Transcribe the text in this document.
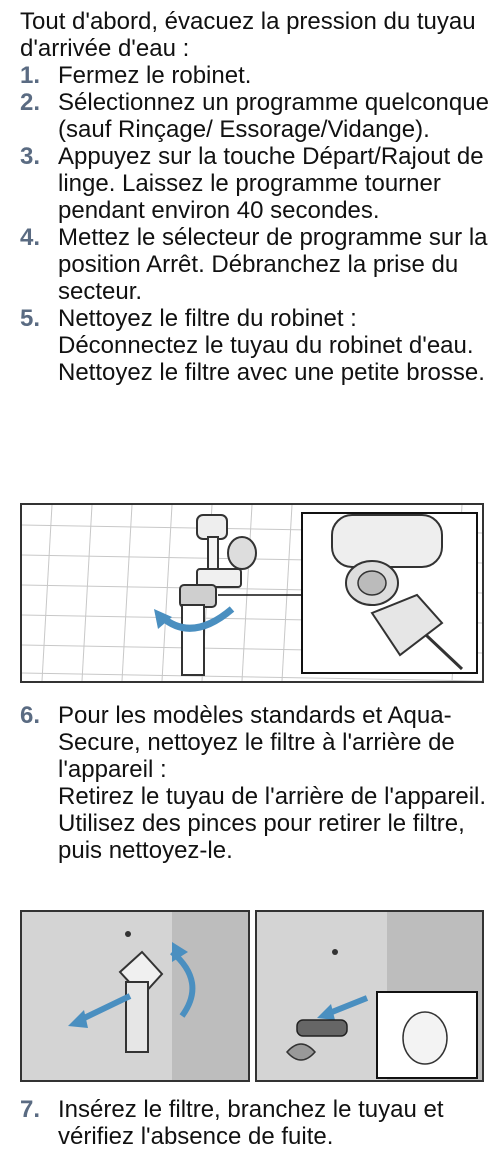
Tout d'abord, évacuez la pression du tuyau d'arrivée d'eau :
1. Fermez le robinet.
2. Sélectionnez un programme quelconque (sauf Rinçage/ Essorage/Vidange).
3. Appuyez sur la touche Départ/Rajout de linge. Laissez le programme tourner pendant environ 40 secondes.
4. Mettez le sélecteur de programme sur la position Arrêt. Débranchez la prise du secteur.
5. Nettoyez le filtre du robinet :
Déconnectez le tuyau du robinet d'eau.
Nettoyez le filtre avec une petite brosse.
6. Pour les modèles standards et Aqua-Secure, nettoyez le filtre à l'arrière de l'appareil :
Retirez le tuyau de l'arrière de l'appareil.
Utilisez des pinces pour retirer le filtre, puis nettoyez-le.
7. Insérez le filtre, branchez le tuyau et vérifiez l'absence de fuite.
